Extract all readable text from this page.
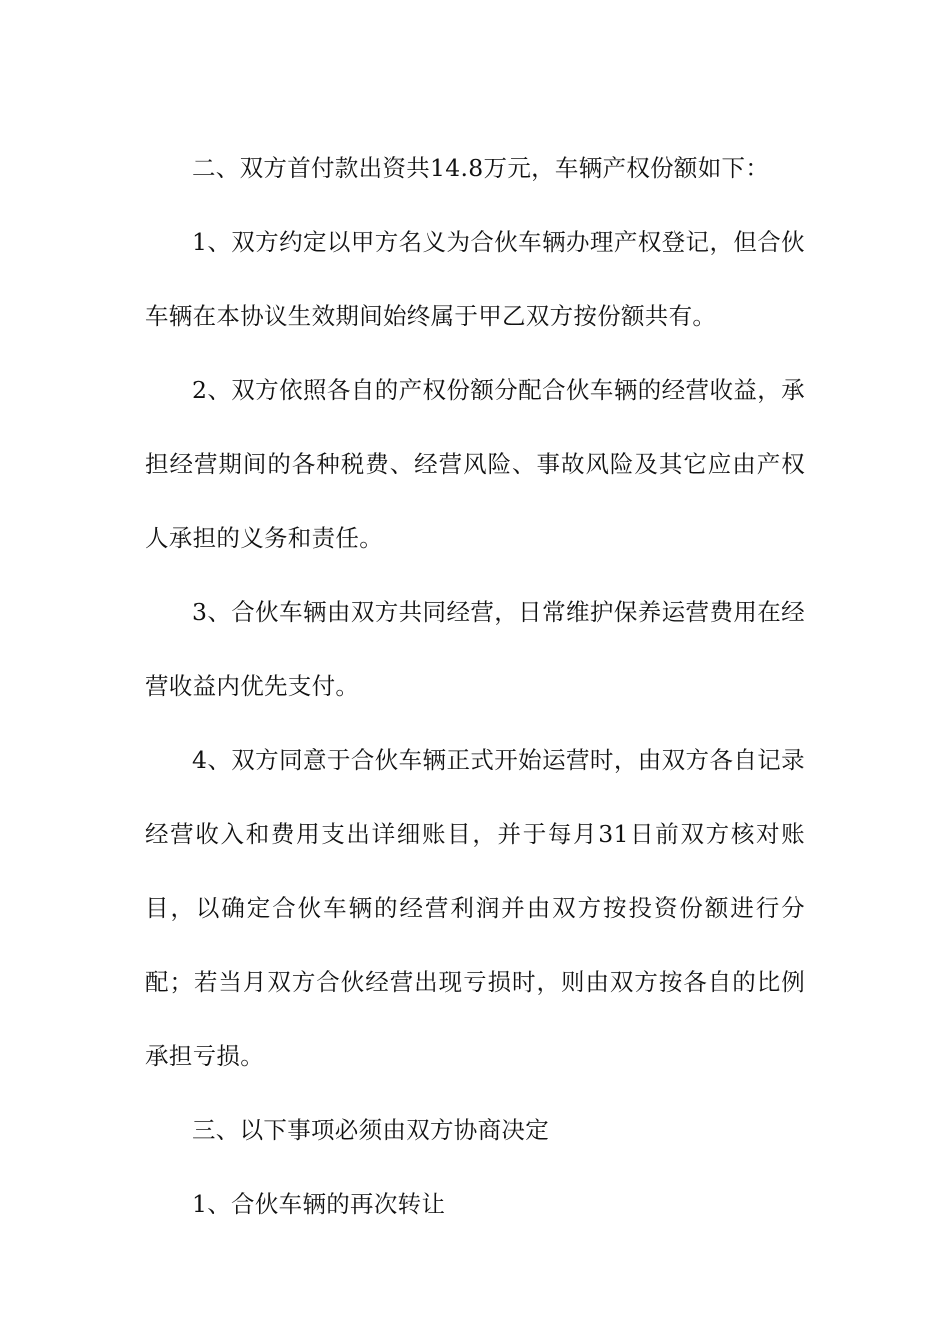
二、双方首付款出资共14.8万元，车辆产权份额如下：

1、双方约定以甲方名义为合伙车辆办理产权登记，但合伙车辆在本协议生效期间始终属于甲乙双方按份额共有。

2、双方依照各自的产权份额分配合伙车辆的经营收益，承担经营期间的各种税费、经营风险、事故风险及其它应由产权人承担的义务和责任。

3、合伙车辆由双方共同经营，日常维护保养运营费用在经营收益内优先支付。

4、双方同意于合伙车辆正式开始运营时，由双方各自记录经营收入和费用支出详细账目，并于每月31日前双方核对账目，以确定合伙车辆的经营利润并由双方按投资份额进行分配；若当月双方合伙经营出现亏损时，则由双方按各自的比例承担亏损。

三、以下事项必须由双方协商决定

1、合伙车辆的再次转让
